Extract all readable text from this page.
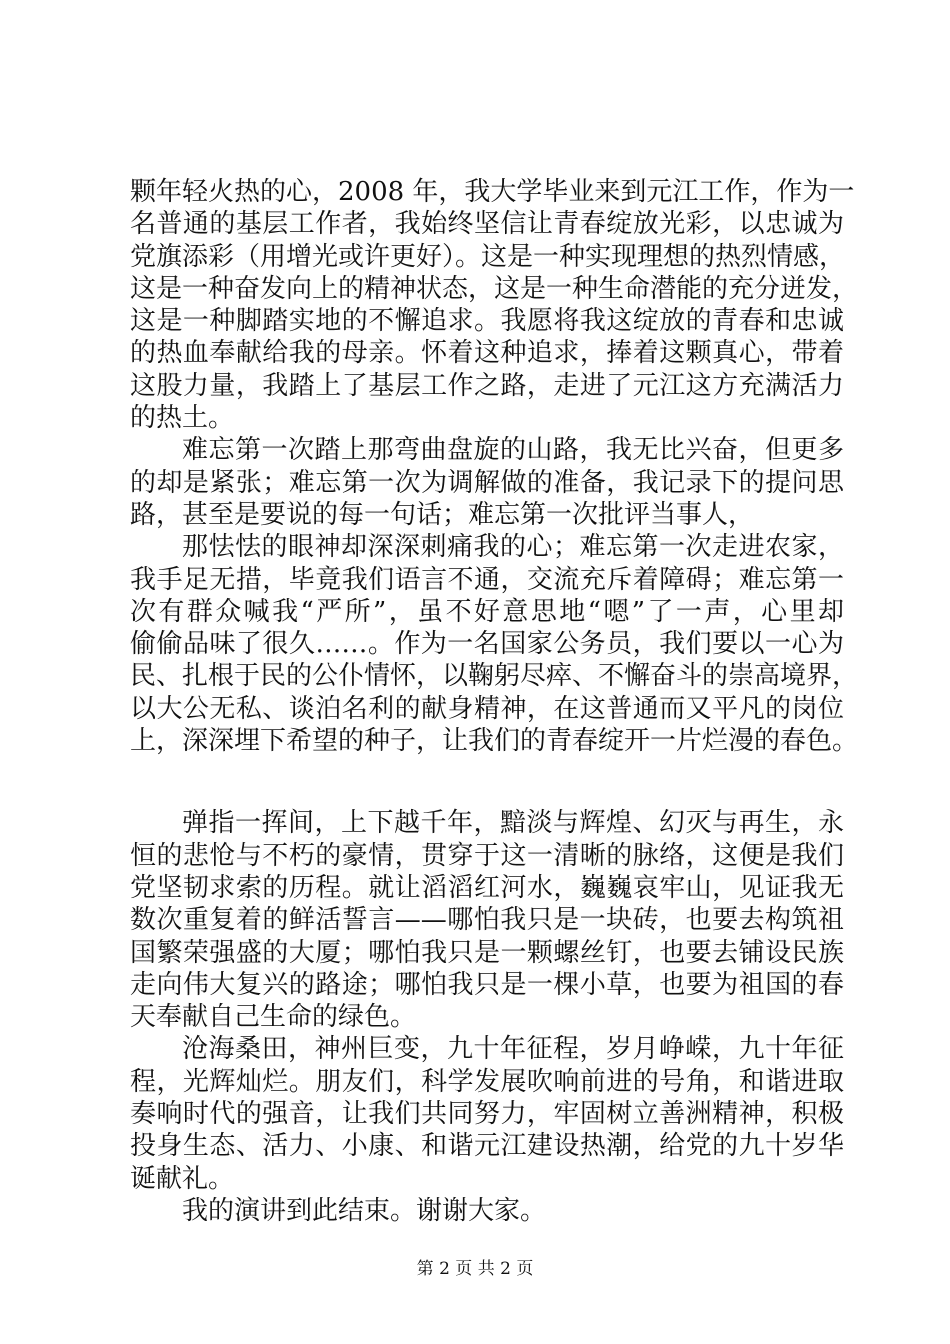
颗年轻火热的心，2008 年，我大学毕业来到元江工作，作为一
名普通的基层工作者，我始终坚信让青春绽放光彩，以忠诚为
党旗添彩（用增光或许更好）。这是一种实现理想的热烈情感，
这是一种奋发向上的精神状态，这是一种生命潜能的充分迸发，
这是一种脚踏实地的不懈追求。我愿将我这绽放的青春和忠诚
的热血奉献给我的母亲。怀着这种追求，捧着这颗真心，带着
这股力量，我踏上了基层工作之路，走进了元江这方充满活力
的热土。
难忘第一次踏上那弯曲盘旋的山路，我无比兴奋，但更多
的却是紧张；难忘第一次为调解做的准备，我记录下的提问思
路，甚至是要说的每一句话；难忘第一次批评当事人，
那怯怯的眼神却深深刺痛我的心；难忘第一次走进农家，
我手足无措，毕竟我们语言不通，交流充斥着障碍；难忘第一
次有群众喊我“严所”，虽不好意思地“嗯”了一声，心里却
偷偷品味了很久……。作为一名国家公务员，我们要以一心为
民、扎根于民的公仆情怀，以鞠躬尽瘁、不懈奋斗的崇高境界，
以大公无私、谈泊名利的献身精神，在这普通而又平凡的岗位
上，深深埋下希望的种子，让我们的青春绽开一片烂漫的春色。
弹指一挥间，上下越千年，黯淡与辉煌、幻灭与再生，永
恒的悲怆与不朽的豪情，贯穿于这一清晰的脉络，这便是我们
党坚韧求索的历程。就让滔滔红河水，巍巍哀牢山，见证我无
数次重复着的鲜活誓言——哪怕我只是一块砖，也要去构筑祖
国繁荣强盛的大厦；哪怕我只是一颗螺丝钉，也要去铺设民族
走向伟大复兴的路途；哪怕我只是一棵小草，也要为祖国的春
天奉献自己生命的绿色。
沧海桑田，神州巨变，九十年征程，岁月峥嵘，九十年征
程，光辉灿烂。朋友们，科学发展吹响前进的号角，和谐进取
奏响时代的强音，让我们共同努力，牢固树立善洲精神，积极
投身生态、活力、小康、和谐元江建设热潮，给党的九十岁华
诞献礼。
我的演讲到此结束。谢谢大家。
第 2 页 共 2 页
